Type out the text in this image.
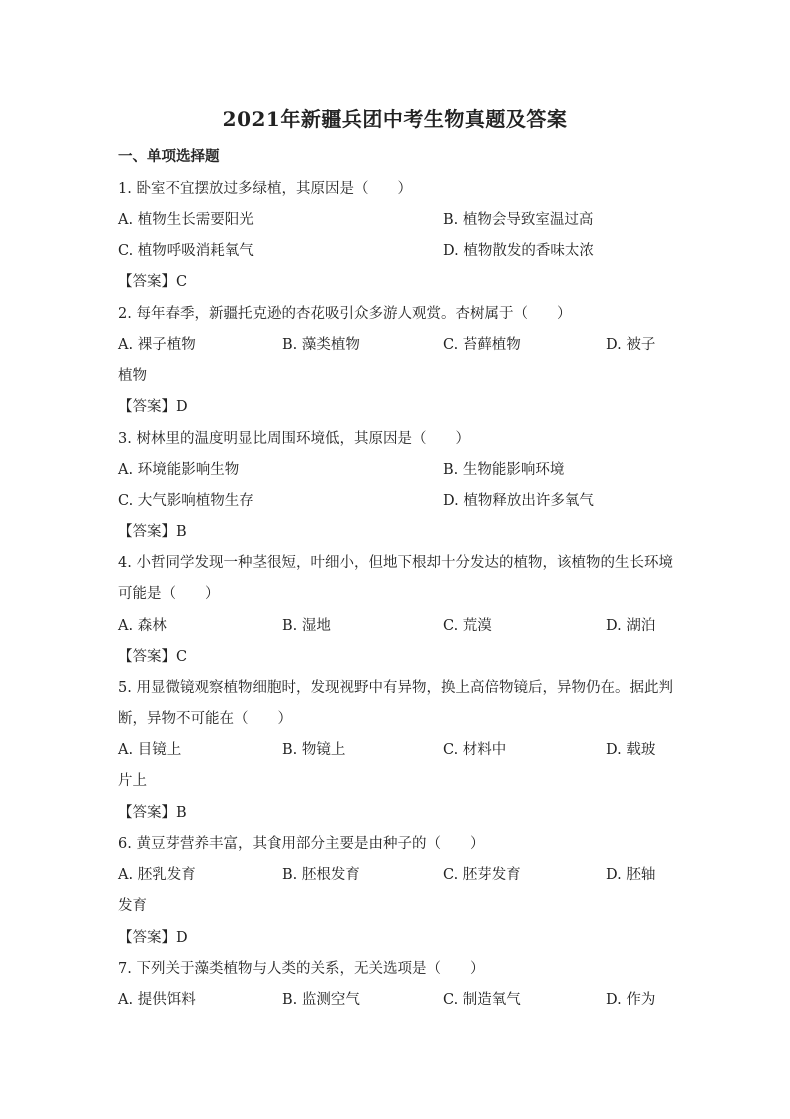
2021年新疆兵团中考生物真题及答案
一、单项选择题
1. 卧室不宜摆放过多绿植，其原因是（　　）
A. 植物生长需要阳光	B. 植物会导致室温过高
C. 植物呼吸消耗氧气	D. 植物散发的香味太浓
【答案】C
2. 每年春季，新疆托克逊的杏花吸引众多游人观赏。杏树属于（　　）
A. 裸子植物	B. 藻类植物	C. 苔藓植物	D. 被子
植物
【答案】D
3. 树林里的温度明显比周围环境低，其原因是（　　）
A. 环境能影响生物	B. 生物能影响环境
C. 大气影响植物生存	D. 植物释放出许多氧气
【答案】B
4. 小哲同学发现一种茎很短，叶细小，但地下根却十分发达的植物，该植物的生长环境
可能是（　　）
A. 森林	B. 湿地	C. 荒漠	D. 湖泊
【答案】C
5. 用显微镜观察植物细胞时，发现视野中有异物，换上高倍物镜后，异物仍在。据此判
断，异物不可能在（　　）
A. 目镜上	B. 物镜上	C. 材料中	D. 载玻
片上
【答案】B
6. 黄豆芽营养丰富，其食用部分主要是由种子的（　　）
A. 胚乳发育	B. 胚根发育	C. 胚芽发育	D. 胚轴
发育
【答案】D
7. 下列关于藻类植物与人类的关系，无关选项是（　　）
A. 提供饵料	B. 监测空气	C. 制造氧气	D. 作为
